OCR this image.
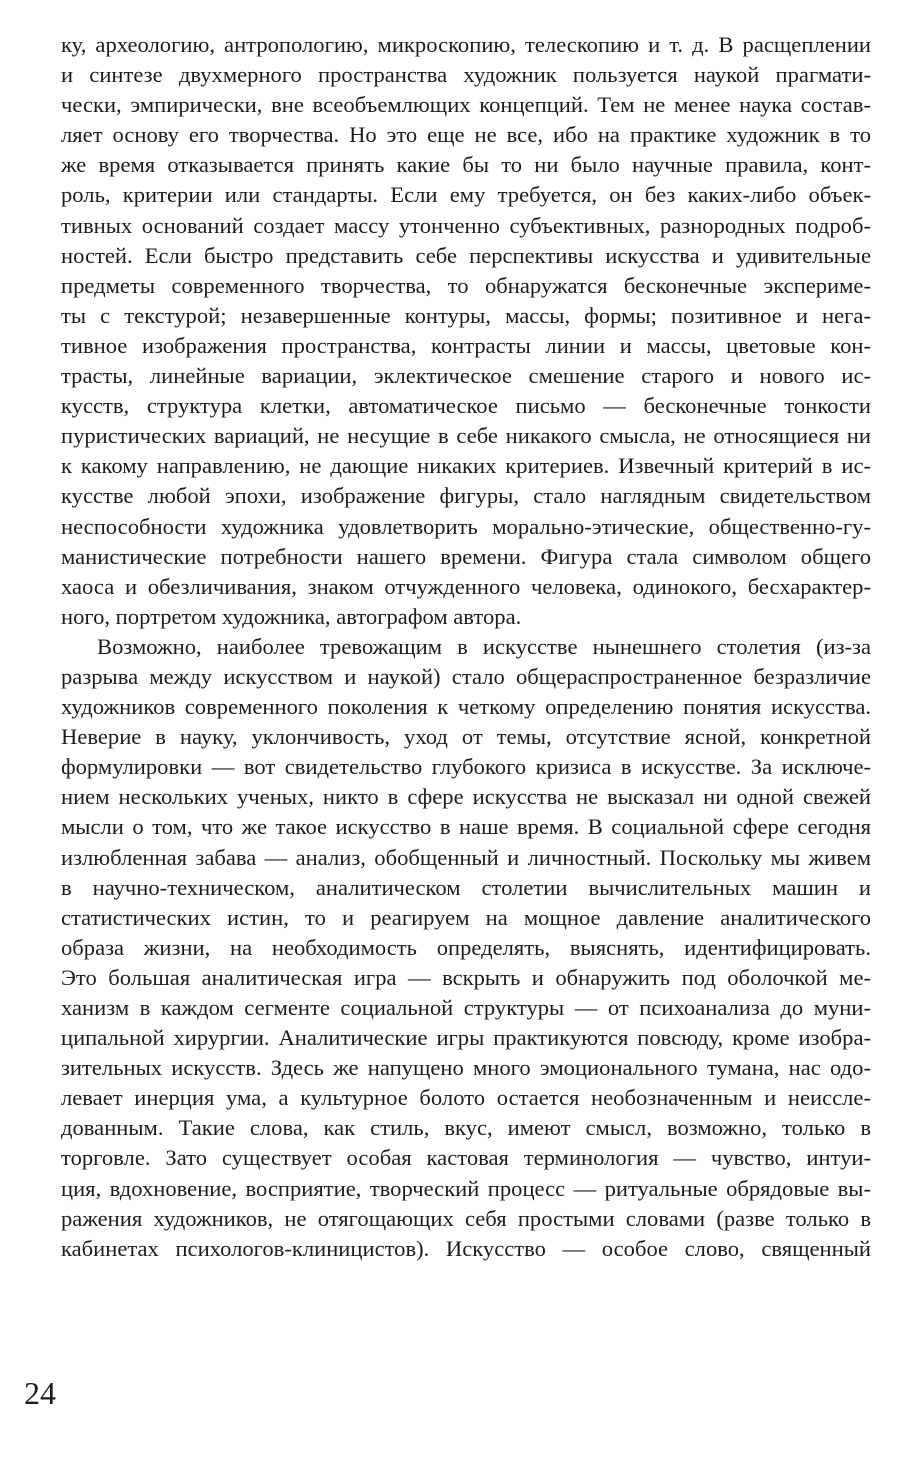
ку, археологию, антропологию, микроскопию, телескопию и т. д. В расщеплении
и синтезе двухмерного пространства художник пользуется наукой прагмати-
чески, эмпирически, вне всеобъемлющих концепций. Тем не менее наука состав-
ляет основу его творчества. Но это еще не все, ибо на практике художник в то
же время отказывается принять какие бы то ни было научные правила, конт-
роль, критерии или стандарты. Если ему требуется, он без каких-либо объек-
тивных оснований создает массу утонченно субъективных, разнородных подроб-
ностей. Если быстро представить себе перспективы искусства и удивительные
предметы современного творчества, то обнаружатся бесконечные экспериме-
ты с текстурой; незавершенные контуры, массы, формы; позитивное и нега-
тивное изображения пространства, контрасты линии и массы, цветовые кон-
трасты, линейные вариации, эклектическое смешение старого и нового ис-
кусств, структура клетки, автоматическое письмо — бесконечные тонкости
пуристических вариаций, не несущие в себе никакого смысла, не относящиеся ни
к какому направлению, не дающие никаких критериев. Извечный критерий в ис-
кусстве любой эпохи, изображение фигуры, стало наглядным свидетельством
неспособности художника удовлетворить морально-этические, общественно-гу-
манистические потребности нашего времени. Фигура стала символом общего
хаоса и обезличивания, знаком отчужденного человека, одинокого, бесхарактер-
ного, портретом художника, автографом автора.
Возможно, наиболее тревожащим в искусстве нынешнего столетия (из-за
разрыва между искусством и наукой) стало общераспространенное безразличие
художников современного поколения к четкому определению понятия искусства.
Неверие в науку, уклончивость, уход от темы, отсутствие ясной, конкретной
формулировки — вот свидетельство глубокого кризиса в искусстве. За исключе-
нием нескольких ученых, никто в сфере искусства не высказал ни одной свежей
мысли о том, что же такое искусство в наше время. В социальной сфере сегодня
излюбленная забава — анализ, обобщенный и личностный. Поскольку мы живем
в научно-техническом, аналитическом столетии вычислительных машин и
статистических истин, то и реагируем на мощное давление аналитического
образа жизни, на необходимость определять, выяснять, идентифицировать.
Это большая аналитическая игра — вскрыть и обнаружить под оболочкой ме-
ханизм в каждом сегменте социальной структуры — от психоанализа до муни-
ципальной хирургии. Аналитические игры практикуются повсюду, кроме изобра-
зительных искусств. Здесь же напущено много эмоционального тумана, нас одо-
левает инерция ума, а культурное болото остается необозначенным и неиссле-
дованным. Такие слова, как стиль, вкус, имеют смысл, возможно, только в
торговле. Зато существует особая кастовая терминология — чувство, интуи-
ция, вдохновение, восприятие, творческий процесс — ритуальные обрядовые вы-
ражения художников, не отягощающих себя простыми словами (разве только в
кабинетах психологов-клиницистов). Искусство — особое слово, священный
24
